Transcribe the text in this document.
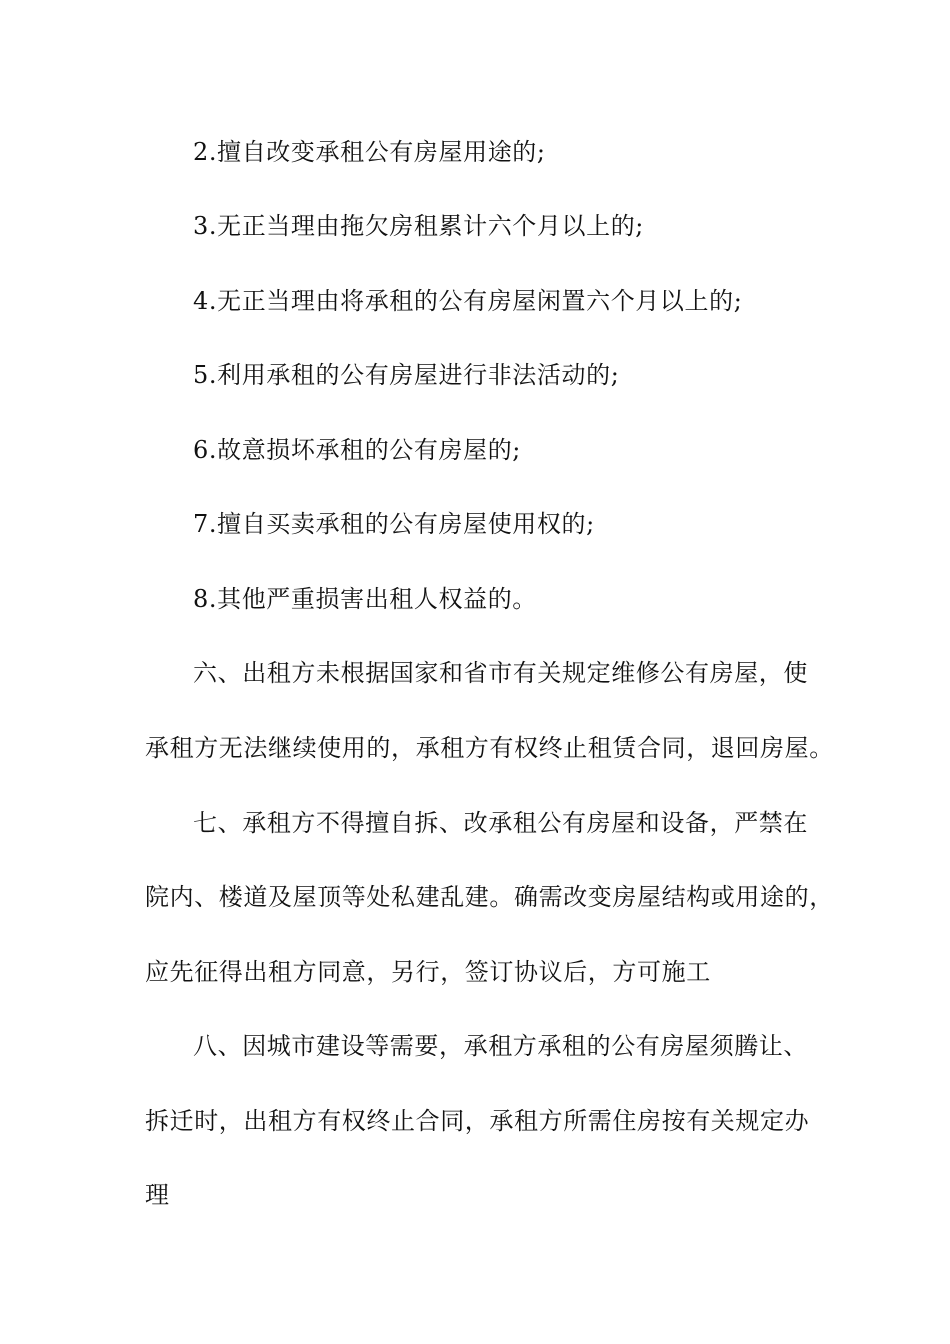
2.擅自改变承租公有房屋用途的;
3.无正当理由拖欠房租累计六个月以上的;
4.无正当理由将承租的公有房屋闲置六个月以上的;
5.利用承租的公有房屋进行非法活动的;
6.故意损坏承租的公有房屋的;
7.擅自买卖承租的公有房屋使用权的;
8.其他严重损害出租人权益的。
六、出租方未根据国家和省市有关规定维修公有房屋，使
承租方无法继续使用的，承租方有权终止租赁合同，退回房屋。
七、承租方不得擅自拆、改承租公有房屋和设备，严禁在
院内、楼道及屋顶等处私建乱建。确需改变房屋结构或用途的，
应先征得出租方同意，另行，签订协议后，方可施工
八、因城市建设等需要，承租方承租的公有房屋须腾让、
拆迁时，出租方有权终止合同，承租方所需住房按有关规定办
理
